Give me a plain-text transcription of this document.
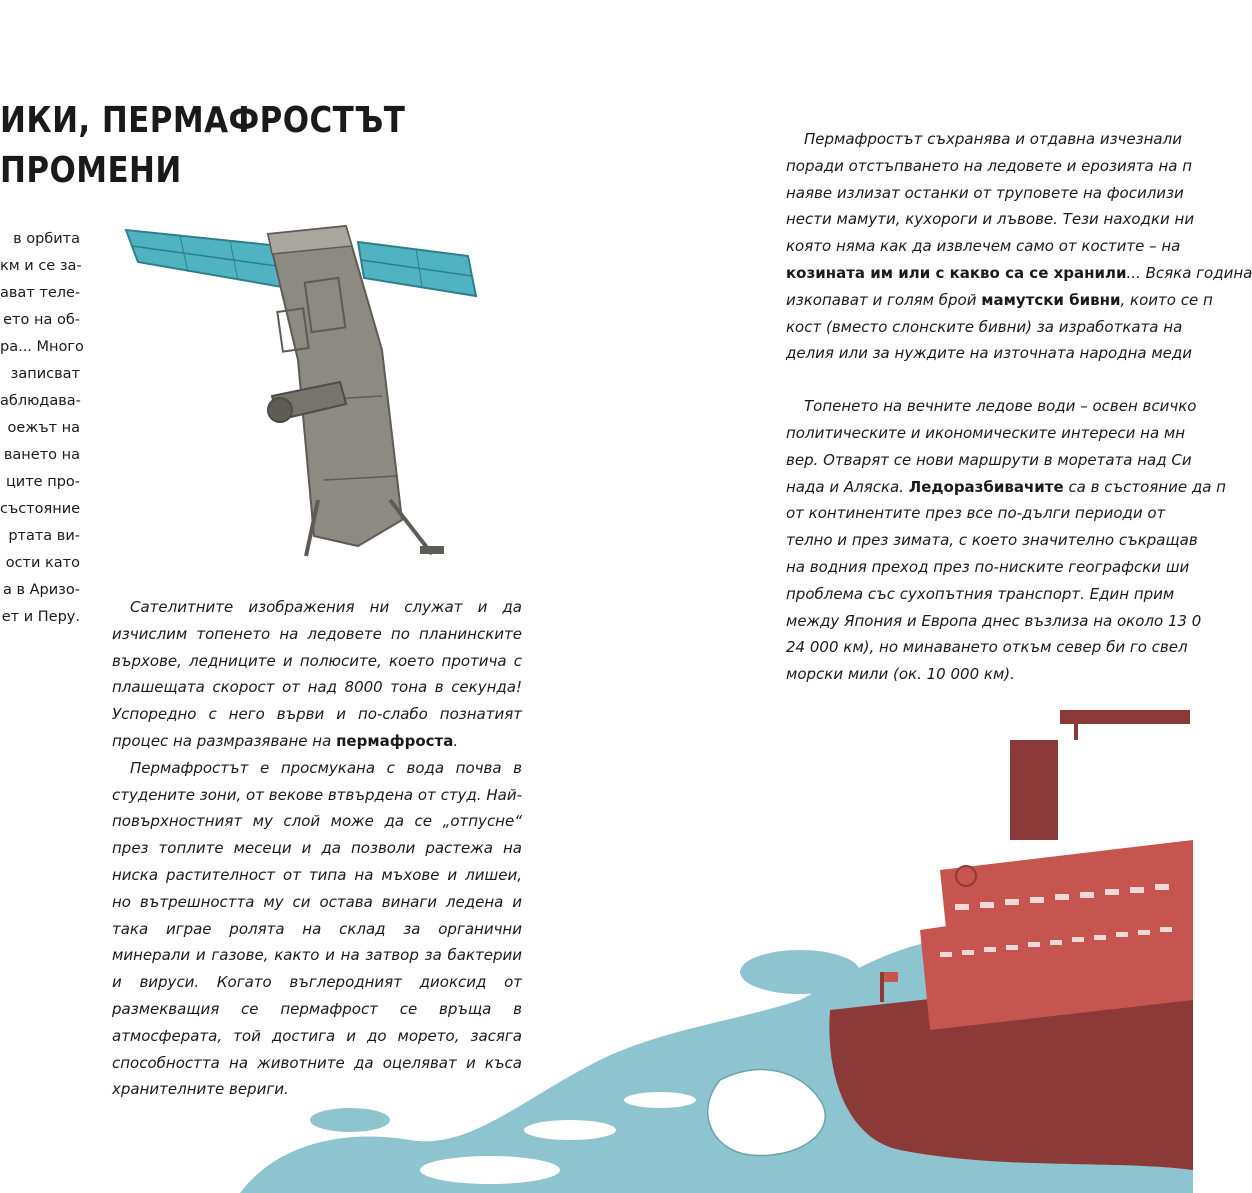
ИКИ, ПЕРМАФРОСТЪТ
ПРОМЕНИ
в орбита
км и се за-
ават теле-
ето на об-
ра... Много
записват
аблюдава-
оежът на
ването на
ците про-
състояние
ртата ви-
ости като
а в Аризо-
ет и Перу.

Сателитните изображения ни служат и да изчислим топенето на ледовете по планинските върхове, ледниците и полюсите, което протича с плашещата скорост от над 8000 тона в секунда! Успоредно с него върви и по-слабо познатият процес на размразяване на пермафроста.

Пермафростът е просмукана с вода почва в студените зони, от векове втвърдена от студ. Най-повърхностният му слой може да се „отпусне“ през топлите месеци и да позволи растежа на ниска растителност от типа на мъхове и лишеи, но вътрешността му си остава винаги ледена и така играе ролята на склад за органични минерали и газове, както и на затвор за бактерии и вируси. Когато въглеродният диоксид от размекващия се пермафрост се връща в атмосферата, той достига и до морето, засяга способността на животните да оцеляват и къса хранителните вериги.

Пермафростът съхранява и отдавна изчезнали
поради отстъпването на ледовете и ерозията на п
наяве излизат останки от труповете на фосилизи
нести мамути, кухороги и лъвове. Тези находки ни
която няма как да извлечем само от костите – на
козината им или с какво са се хранили... Всяка година
изкопават и голям брой мамутски бивни, които се п
кост (вместо слонските бивни) за изработката на
делия или за нуждите на източната народна меди
Топенето на вечните ледове води – освен всичко
политическите и икономическите интереси на мн
вер. Отварят се нови маршрути в моретата над Си
нада и Аляска. Ледоразбивачите са в състояние да п
от континентите през все по-дълги периоди от
телно и през зимата, с което значително съкращав
на водния преход през по-ниските географски ши
проблема със сухопътния транспорт. Един прим
между Япония и Европа днес възлиза на около 13 0
24 000 км), но минаването откъм север би го свел
морски мили (ок. 10 000 км).
